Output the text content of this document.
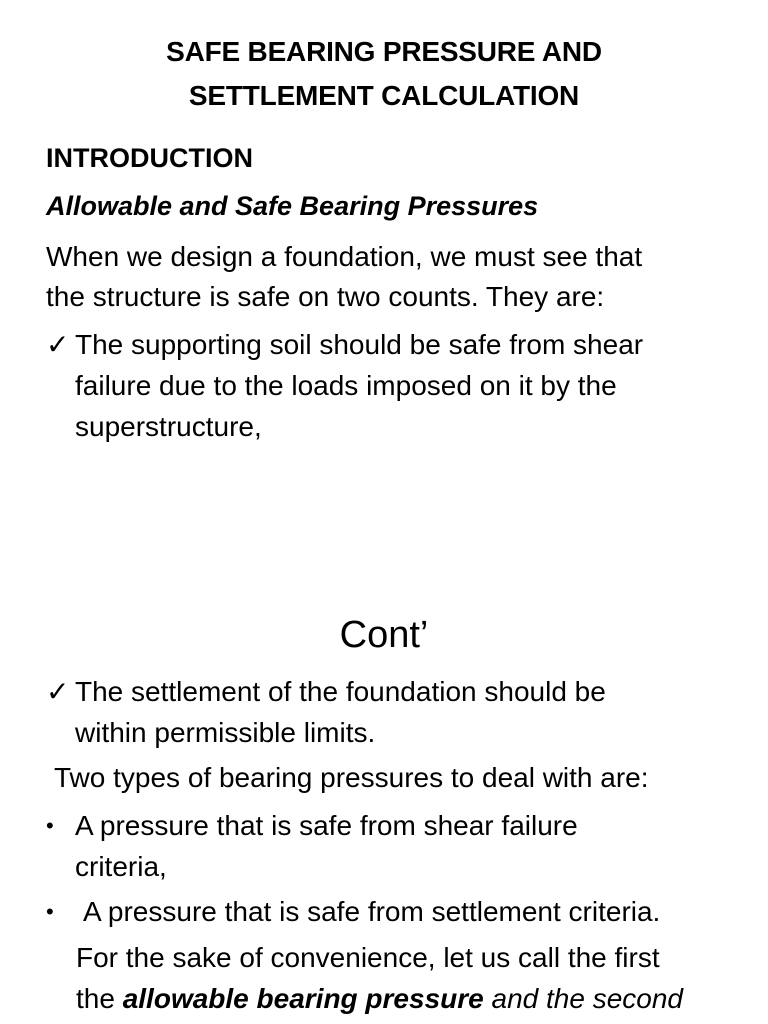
SAFE BEARING PRESSURE AND
SETTLEMENT CALCULATION
INTRODUCTION
Allowable and Safe Bearing Pressures
When we design a foundation, we must see that
the structure is safe on two counts. They are:
✓ The supporting soil should be safe from shear
failure due to the loads imposed on it by the
superstructure,
Cont’
✓ The settlement of the foundation should be
within permissible limits.
Two types of bearing pressures to deal with are:
• A pressure that is safe from shear failure
criteria,
•	A pressure that is safe from settlement criteria.
For the sake of convenience, let us call the first
the allowable bearing pressure and the second
